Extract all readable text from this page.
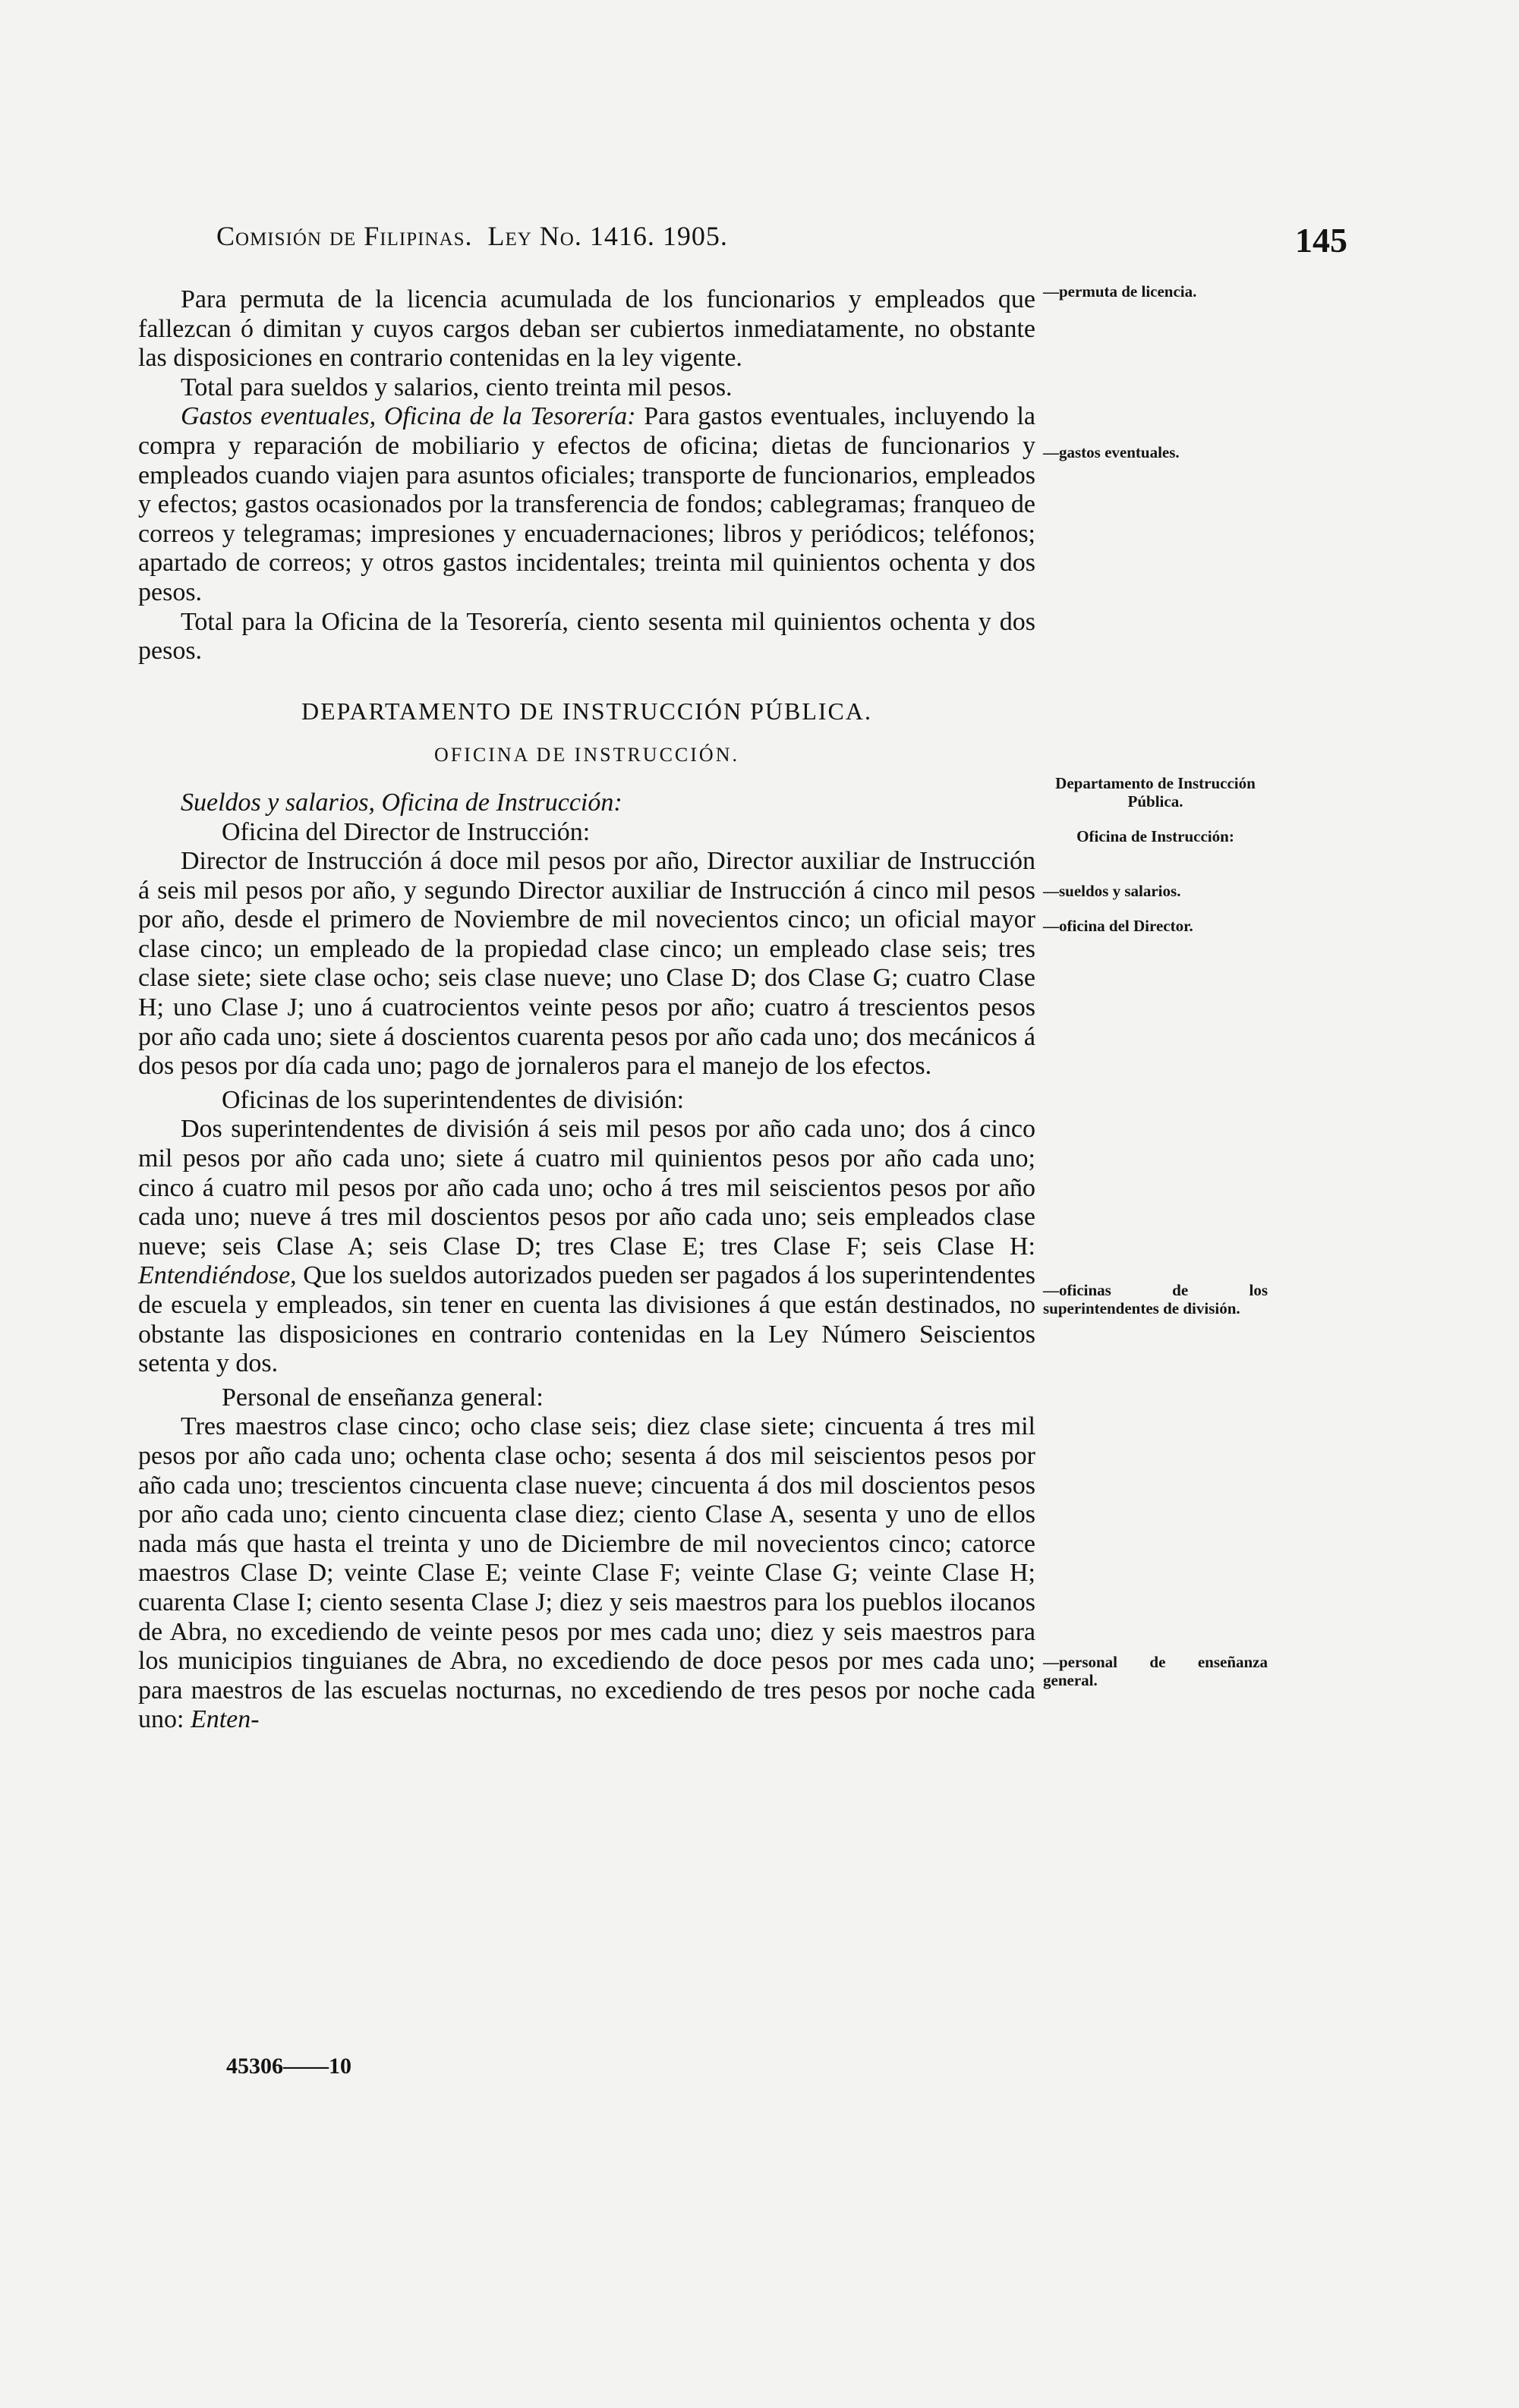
Comisión de Filipinas. Ley No. 1416. 1905.	145

Para permuta de la licencia acumulada de los funcionarios y empleados que fallezcan ó dimitan y cuyos cargos deban ser cubiertos inmediatamente, no obstante las disposiciones en contrario contenidas en la ley vigente.

Total para sueldos y salarios, ciento treinta mil pesos.

Gastos eventuales, Oficina de la Tesorería: Para gastos eventuales, incluyendo la compra y reparación de mobiliario y efectos de oficina; dietas de funcionarios y empleados cuando viajen para asuntos oficiales; transporte de funcionarios, empleados y efectos; gastos ocasionados por la transferencia de fondos; cablegramas; franqueo de correos y telegramas; impresiones y encuadernaciones; libros y periódicos; teléfonos; apartado de correos; y otros gastos incidentales; treinta mil quinientos ochenta y dos pesos.

Total para la Oficina de la Tesorería, ciento sesenta mil quinientos ochenta y dos pesos.

DEPARTAMENTO DE INSTRUCCIÓN PÚBLICA.

OFICINA DE INSTRUCCIÓN.

Sueldos y salarios, Oficina de Instrucción:

Oficina del Director de Instrucción:

Director de Instrucción á doce mil pesos por año, Director auxiliar de Instrucción á seis mil pesos por año, y segundo Director auxiliar de Instrucción á cinco mil pesos por año, desde el primero de Noviembre de mil novecientos cinco; un oficial mayor clase cinco; un empleado de la propiedad clase cinco; un empleado clase seis; tres clase siete; siete clase ocho; seis clase nueve; uno Clase D; dos Clase G; cuatro Clase H; uno Clase J; uno á cuatrocientos veinte pesos por año; cuatro á trescientos pesos por año cada uno; siete á doscientos cuarenta pesos por año cada uno; dos mecánicos á dos pesos por día cada uno; pago de jornaleros para el manejo de los efectos.

Oficinas de los superintendentes de división:

Dos superintendentes de división á seis mil pesos por año cada uno; dos á cinco mil pesos por año cada uno; siete á cuatro mil quinientos pesos por año cada uno; cinco á cuatro mil pesos por año cada uno; ocho á tres mil seiscientos pesos por año cada uno; nueve á tres mil doscientos pesos por año cada uno; seis empleados clase nueve; seis Clase A; seis Clase D; tres Clase E; tres Clase F; seis Clase H: Entendiéndose, Que los sueldos autorizados pueden ser pagados á los superintendentes de escuela y empleados, sin tener en cuenta las divisiones á que están destinados, no obstante las disposiciones en contrario contenidas en la Ley Número Seiscientos setenta y dos.

Personal de enseñanza general:

Tres maestros clase cinco; ocho clase seis; diez clase siete; cincuenta á tres mil pesos por año cada uno; ochenta clase ocho; sesenta á dos mil seiscientos pesos por año cada uno; trescientos cincuenta clase nueve; cincuenta á dos mil doscientos pesos por año cada uno; ciento cincuenta clase diez; ciento Clase A, sesenta y uno de ellos nada más que hasta el treinta y uno de Diciembre de mil novecientos cinco; catorce maestros Clase D; veinte Clase E; veinte Clase F; veinte Clase G; veinte Clase H; cuarenta Clase I; ciento sesenta Clase J; diez y seis maestros para los pueblos ilocanos de Abra, no excediendo de veinte pesos por mes cada uno; diez y seis maestros para los municipios tinguianes de Abra, no excediendo de doce pesos por mes cada uno; para maestros de las escuelas nocturnas, no excediendo de tres pesos por noche cada uno: Enten-

—permuta de licencia.
—gastos eventuales.
Departamento de Instrucción Pública.
Oficina de Instrucción:
—sueldos y salarios.
—oficina del Director.
—oficinas de los superintendentes de división.
—personal de enseñanza general.
45306——10
